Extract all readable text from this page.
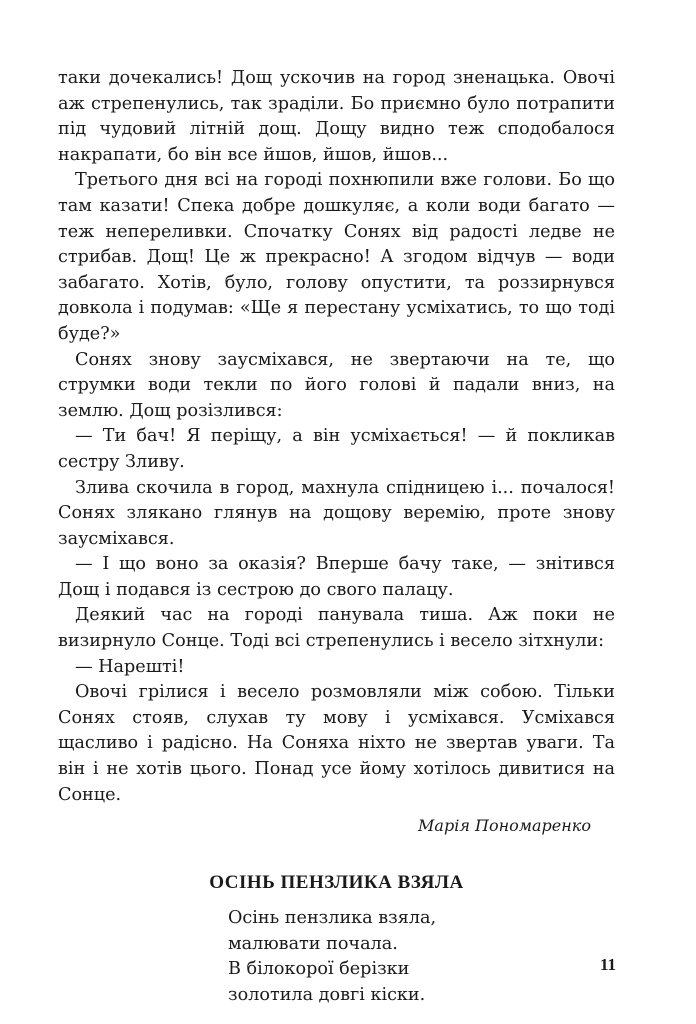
таки дочекались! Дощ ускочив на город зненацька. Овочі аж стрепенулись, так зраділи. Бо приємно було потрапити під чудовий літній дощ. Дощу видно теж сподобалося накрапати, бо він все йшов, йшов, йшов...

Третього дня всі на городі похнюпили вже голови. Бо що там казати! Спека добре дошкуляє, а коли води багато — теж непереливки. Спочатку Сонях від радості ледве не стрибав. Дощ! Це ж прекрасно! А згодом відчув — води забагато. Хотів, було, голову опустити, та роззирнувся довкола і подумав: «Ще я перестану усміхатись, то що тоді буде?»

Сонях знову заусміхався, не звертаючи на те, що струмки води текли по його голові й падали вниз, на землю. Дощ розізлився:

— Ти бач! Я періщу, а він усміхається! — й покликав сестру Зливу.

Злива скочила в город, махнула спідницею і... почалося! Сонях злякано глянув на дощову веремію, проте знову заусміхався.

— І що воно за оказія? Вперше бачу таке, — знітився Дощ і подався із сестрою до свого палацу.

Деякий час на городі панувала тиша. Аж поки не визирнуло Сонце. Тоді всі стрепенулись і весело зітхнули:

— Нарешті!

Овочі грілися і весело розмовляли між собою. Тільки Сонях стояв, слухав ту мову і усміхався. Усміхався щасливо і радісно. На Соняха ніхто не звертав уваги. Та він і не хотів цього. Понад усе йому хотілось дивитися на Сонце.

Марія Пономаренко
ОСІНЬ ПЕНЗЛИКА ВЗЯЛА
Осінь пензлика взяла,
малювати почала.
В білокорої берізки
золотила довгі кіски.
11
